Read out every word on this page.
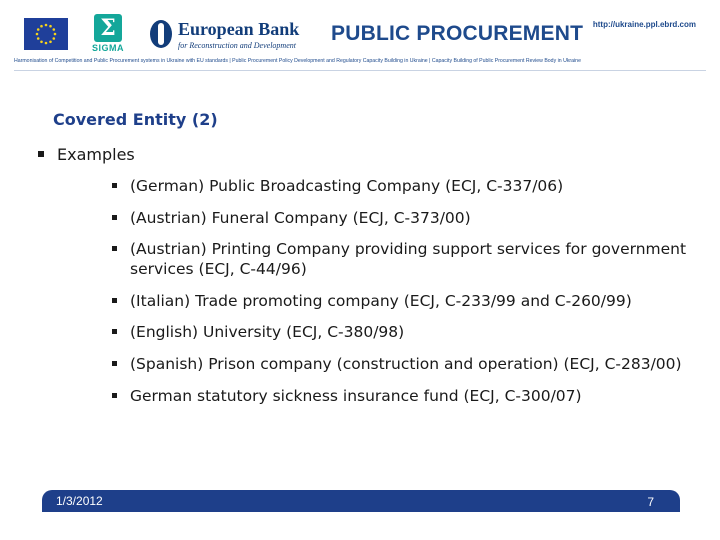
Σ
SIGMA
European Bank
for Reconstruction and Development
PUBLIC PROCUREMENT http://ukraine.ppl.ebrd.com
Harmonisation of Competition and Public Procurement systems in Ukraine with EU standards | Public Procurement Policy Development and Regulatory Capacity Building in Ukraine | Capacity Building of Public Procurement Review Body in Ukraine
Covered Entity (2)
Examples
(German) Public Broadcasting Company (ECJ, C-337/06)
(Austrian) Funeral Company (ECJ, C-373/00)
(Austrian) Printing Company providing support services for government services (ECJ, C-44/96)
(Italian) Trade promoting company (ECJ, C-233/99 and C-260/99)
(English) University (ECJ, C-380/98)
(Spanish) Prison company (construction and operation) (ECJ, C-283/00)
German statutory sickness insurance fund (ECJ, C-300/07)
1/3/2012	7
